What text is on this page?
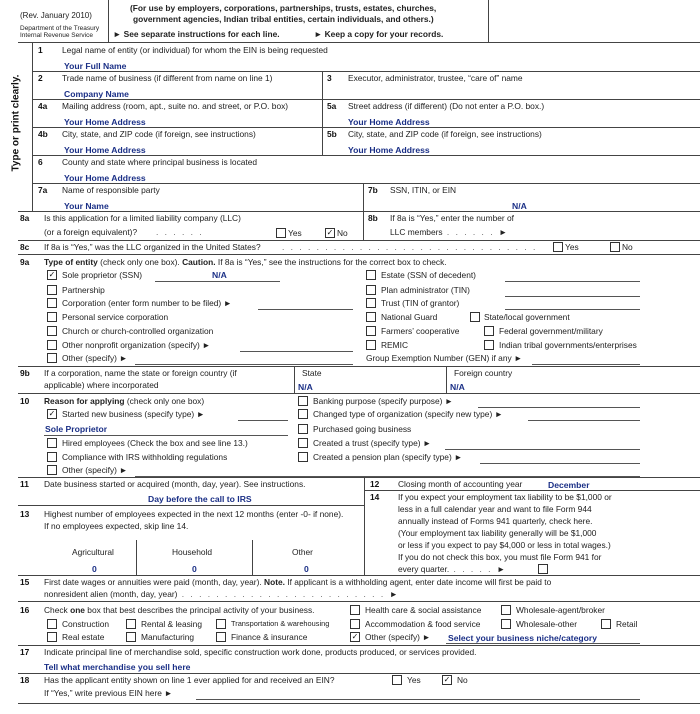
(Rev. January 2010)
Department of the Treasury
Internal Revenue Service
(For use by employers, corporations, partnerships, trusts, estates, churches,
government agencies, Indian tribal entities, certain individuals, and others.)
► See separate instructions for each line.	► Keep a copy for your records.
Type or print clearly.
1 Legal name of entity (or individual) for whom the EIN is being requested
Your Full Name
2 Trade name of business (if different from name on line 1)
Company Name
3 Executor, administrator, trustee, “care of” name
4a Mailing address (room, apt., suite no. and street, or P.O. box)
Your Home Address
5a Street address (if different) (Do not enter a P.O. box.)
Your Home Address
4b City, state, and ZIP code (if foreign, see instructions)
Your Home Address
5b City, state, and ZIP code (if foreign, see instructions)
Your Home Address
6 County and state where principal business is located
Your Home Address
7a Name of responsible party
Your Name
7b SSN, ITIN, or EIN
N/A
8a Is this application for a limited liability company (LLC)
(or a foreign equivalent)? . . . . . .	Yes	✓ No
8b If 8a is “Yes,” enter the number of
LLC members . . . . . . ►
8c If 8a is “Yes,” was the LLC organized in the United States?	. . . . . . . . . . . . . . . . . . . . . . . . . . . . . .	Yes	No
9a Type of entity (check only one box). Caution. If 8a is “Yes,” see the instructions for the correct box to check.
✓ Sole proprietor (SSN)	N/A
Partnership
Corporation (enter form number to be filed) ►
Personal service corporation
Church or church-controlled organization
Other nonprofit organization (specify) ►
Other (specify) ►
Estate (SSN of decedent)
Plan administrator (TIN)
Trust (TIN of grantor)
National Guard	State/local government
Farmers’ cooperative	Federal government/military
REMIC	Indian tribal governments/enterprises
Group Exemption Number (GEN) if any ►
9b If a corporation, name the state or foreign country (if
applicable) where incorporated
State
N/A
Foreign country
N/A
10 Reason for applying (check only one box)
✓ Started new business (specify type) ►
Sole Proprietor
Hired employees (Check the box and see line 13.)
Compliance with IRS withholding regulations
Other (specify) ►
Banking purpose (specify purpose) ►
Changed type of organization (specify new type) ►
Purchased going business
Created a trust (specify type) ►
Created a pension plan (specify type) ►
11 Date business started or acquired (month, day, year). See instructions.
Day before the call to IRS
12 Closing month of accounting year	December
14 If you expect your employment tax liability to be $1,000 or
less in a full calendar year and want to file Form 944
annually instead of Forms 941 quarterly, check here.
(Your employment tax liability generally will be $1,000
or less if you expect to pay $4,000 or less in total wages.)
If you do not check this box, you must file Form 941 for
every quarter. . . . . . ►
13 Highest number of employees expected in the next 12 months (enter -0- if none).
If no employees expected, skip line 14.
Agricultural	Household	Other
0	0	0
15 First date wages or annuities were paid (month, day, year). Note. If applicant is a withholding agent, enter date income will first be paid to
nonresident alien (month, day, year) . . . . . . . . . . . . . . . . . . . . . . . . ►
16 Check one box that best describes the principal activity of your business.	Health care & social assistance	Wholesale-agent/broker
Construction	Rental & leasing	Transportation & warehousing	Accommodation & food service	Wholesale-other	Retail
Real estate	Manufacturing	Finance & insurance	✓ Other (specify) ► Select your business niche/category
17 Indicate principal line of merchandise sold, specific construction work done, products produced, or services provided.
Tell what merchandise you sell here
18 Has the applicant entity shown on line 1 ever applied for and received an EIN?	Yes	✓ No
If “Yes,” write previous EIN here ►
